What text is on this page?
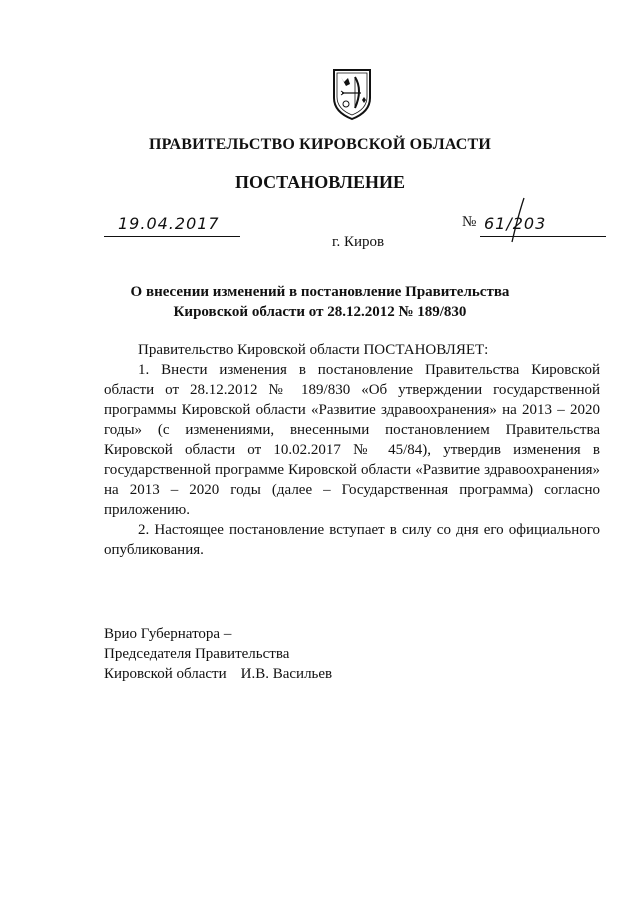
ПРАВИТЕЛЬСТВО КИРОВСКОЙ ОБЛАСТИ
ПОСТАНОВЛЕНИЕ
19.04.2017	№ 61/203
г. Киров
О внесении изменений в постановление Правительства
Кировской области от 28.12.2012 № 189/830

Правительство Кировской области ПОСТАНОВЛЯЕТ:

1. Внести изменения в постановление Правительства Кировской области от 28.12.2012 № 189/830 «Об утверждении государственной программы Кировской области «Развитие здравоохранения» на 2013 – 2020 годы» (с изменениями, внесенными постановлением Правительства Кировской области от 10.02.2017 № 45/84), утвердив изменения в государственной программе Кировской области «Развитие здравоохранения» на 2013 – 2020 годы (далее – Государственная программа) согласно приложению.

2. Настоящее постановление вступает в силу со дня его официального опубликования.

Врио Губернатора –
Председателя Правительства
Кировской области И.В. Васильев
